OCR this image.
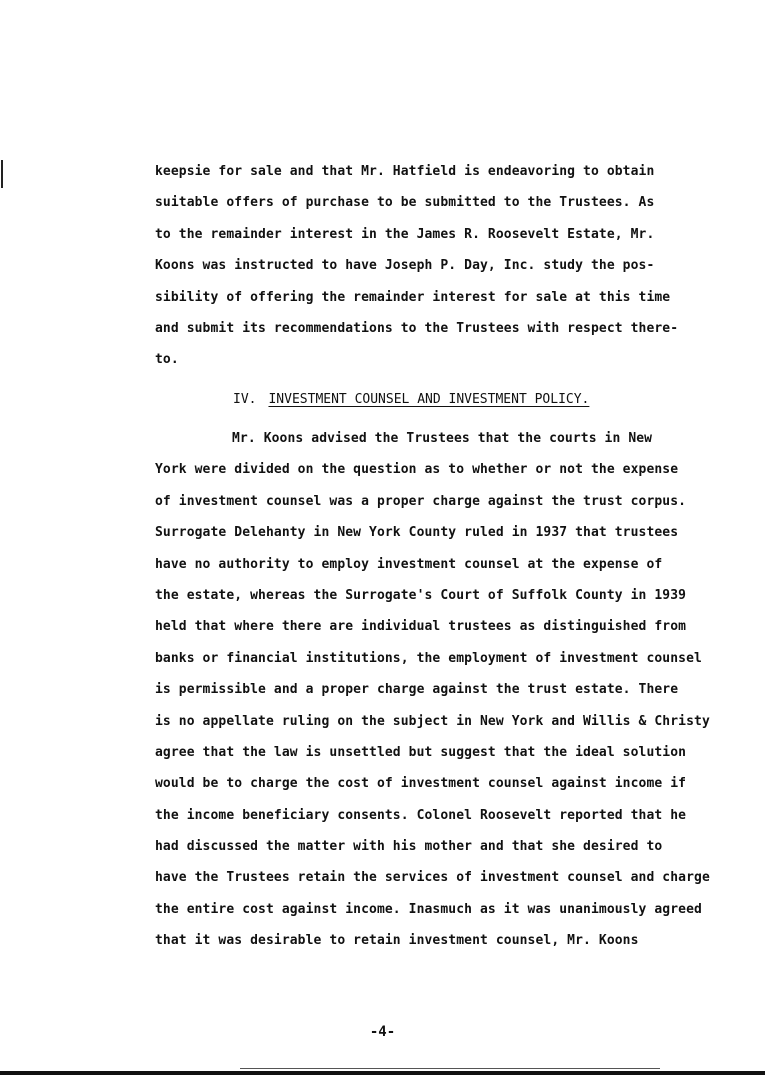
keepsie for sale and that Mr. Hatfield is endeavoring to obtain
suitable offers of purchase to be submitted to the Trustees. As
to the remainder interest in the James R. Roosevelt Estate, Mr.
Koons was instructed to have Joseph P. Day, Inc. study the pos-
sibility of offering the remainder interest for sale at this time
and submit its recommendations to the Trustees with respect there-
to.
IV. INVESTMENT COUNSEL AND INVESTMENT POLICY.
Mr. Koons advised the Trustees that the courts in New
York were divided on the question as to whether or not the expense
of investment counsel was a proper charge against the trust corpus.
Surrogate Delehanty in New York County ruled in 1937 that trustees
have no authority to employ investment counsel at the expense of
the estate, whereas the Surrogate's Court of Suffolk County in 1939
held that where there are individual trustees as distinguished from
banks or financial institutions, the employment of investment counsel
is permissible and a proper charge against the trust estate. There
is no appellate ruling on the subject in New York and Willis & Christy
agree that the law is unsettled but suggest that the ideal solution
would be to charge the cost of investment counsel against income if
the income beneficiary consents. Colonel Roosevelt reported that he
had discussed the matter with his mother and that she desired to
have the Trustees retain the services of investment counsel and charge
the entire cost against income. Inasmuch as it was unanimously agreed
that it was desirable to retain investment counsel, Mr. Koons
-4-
